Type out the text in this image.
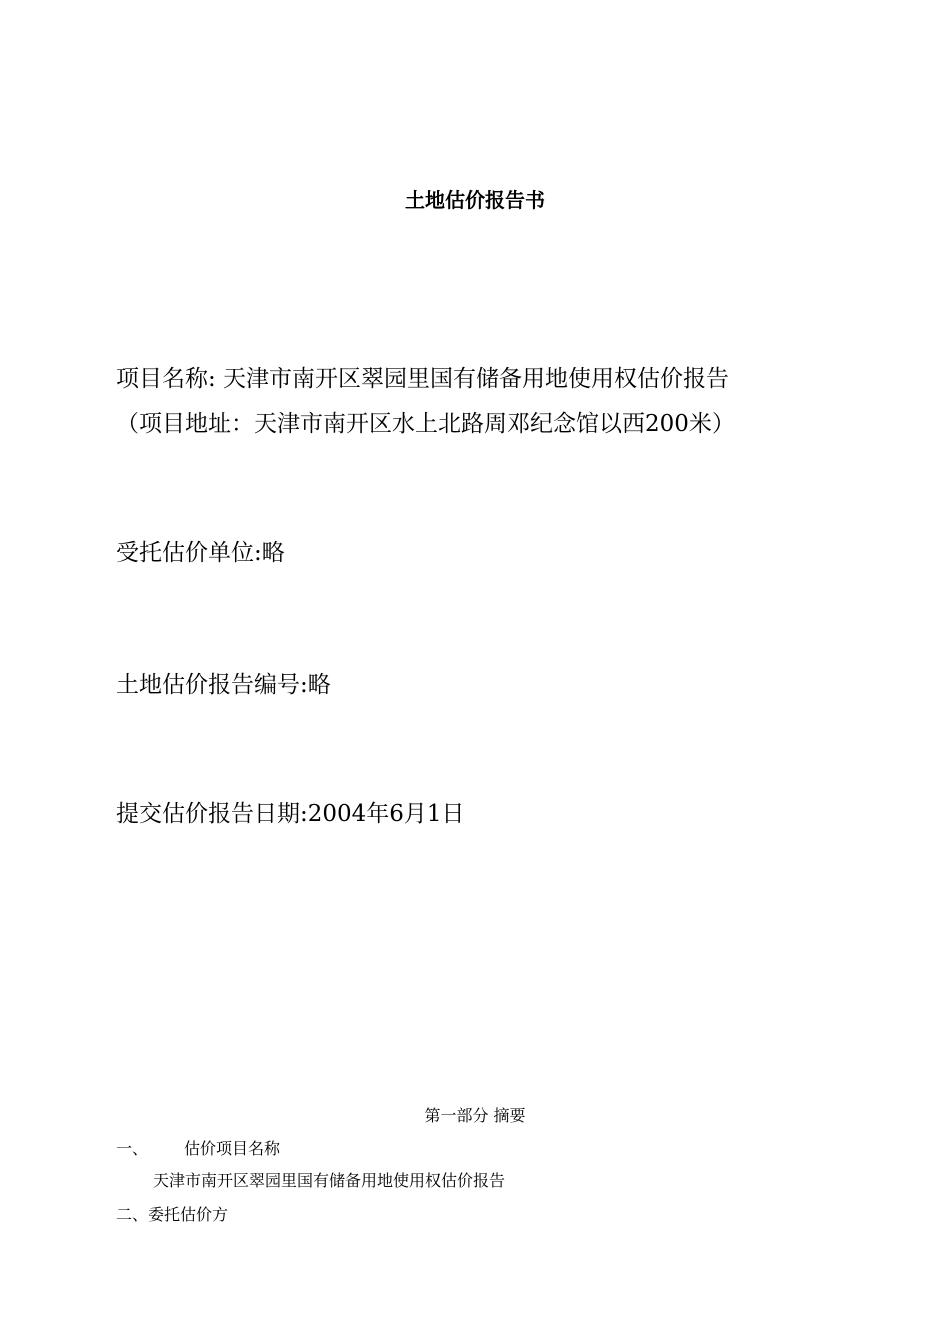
土地估价报告书
项目名称: 天津市南开区翠园里国有储备用地使用权估价报告
（项目地址：天津市南开区水上北路周邓纪念馆以西200米）
受托估价单位:略
土地估价报告编号:略
提交估价报告日期:2004年6月1日
第一部分 摘要
一、 估价项目名称
天津市南开区翠园里国有储备用地使用权估价报告
二、委托估价方
